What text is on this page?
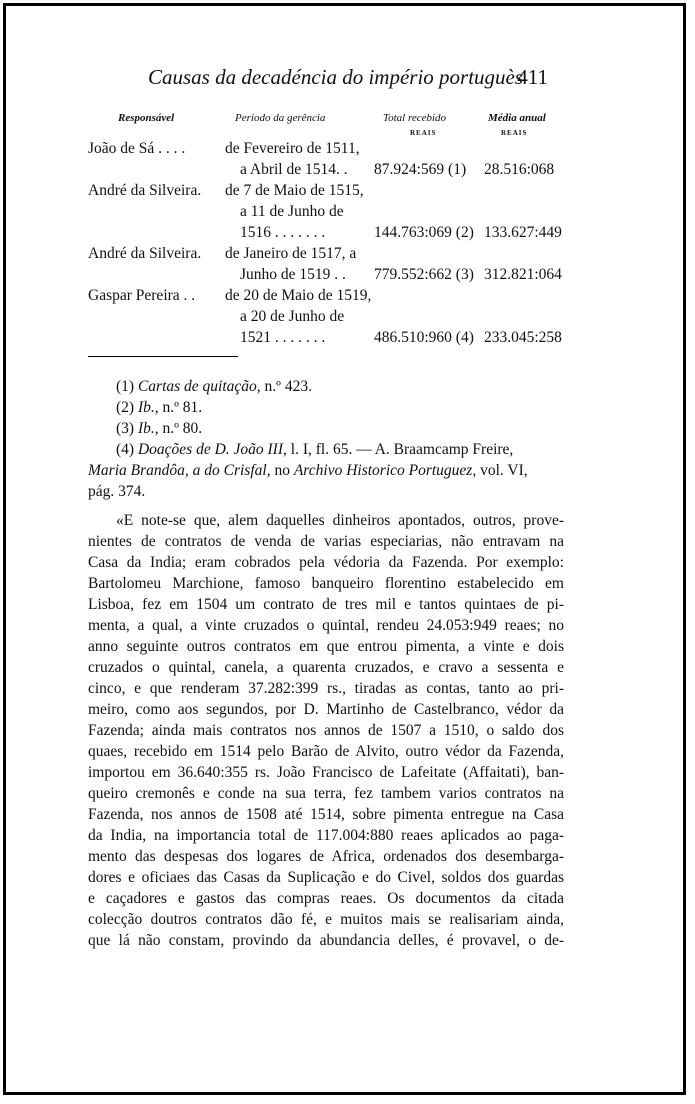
Causas da decadéncia do império portuguès
411
Responsável	Periodo da gerência	Total recebido	Média anual
REAIS	REAIS
João de Sá . . . .	de Fevereiro de 1511,
a Abril de 1514. . 87.924:569 (1) 28.516:068
André da Silveira. de 7 de Maio de 1515,
a 11 de Junho de
1516 . . . . . . .	144.763:069 (2) 133.627:449
André da Silveira. de Janeiro de 1517, a
Junho de 1519 . . 779.552:662 (3) 312.821:064
Gaspar Pereira . . de 20 de Maio de 1519,
a 20 de Junho de
1521 . . . . . . .	486.510:960 (4) 233.045:258
(1) Cartas de quitação, n.º 423.
(2) Ib., n.º 81.
(3) Ib., n.º 80.
(4) Doações de D. João III, l. I, fl. 65. — A. Braamcamp Freire,
Maria Brandôa, a do Crisfal, no Archivo Historico Portuguez, vol. VI,
pág. 374.
«E note-se que, alem daquelles dinheiros apontados, outros, prove-
nientes de contratos de venda de varias especiarias, não entravam na
Casa da India; eram cobrados pela védoria da Fazenda. Por exemplo:
Bartolomeu Marchione, famoso banqueiro florentino estabelecido em
Lisboa, fez em 1504 um contrato de tres mil e tantos quintaes de pi-
menta, a qual, a vinte cruzados o quintal, rendeu 24.053:949 reaes; no
anno seguinte outros contratos em que entrou pimenta, a vinte e dois
cruzados o quintal, canela, a quarenta cruzados, e cravo a sessenta e
cinco, e que renderam 37.282:399 rs., tiradas as contas, tanto ao pri-
meiro, como aos segundos, por D. Martinho de Castelbranco, védor da
Fazenda; ainda mais contratos nos annos de 1507 a 1510, o saldo dos
quaes, recebido em 1514 pelo Barão de Alvito, outro védor da Fazenda,
importou em 36.640:355 rs. João Francisco de Lafeitate (Affaitati), ban-
queiro cremonês e conde na sua terra, fez tambem varios contratos na
Fazenda, nos annos de 1508 até 1514, sobre pimenta entregue na Casa
da India, na importancia total de 117.004:880 reaes aplicados ao paga-
mento das despesas dos logares de Africa, ordenados dos desembarga-
dores e oficiaes das Casas da Suplicação e do Civel, soldos dos guardas
e caçadores e gastos das compras reaes. Os documentos da citada
colecção doutros contratos dão fé, e muitos mais se realisariam ainda,
que lá não constam, provindo da abundancia delles, é provavel, o de-
